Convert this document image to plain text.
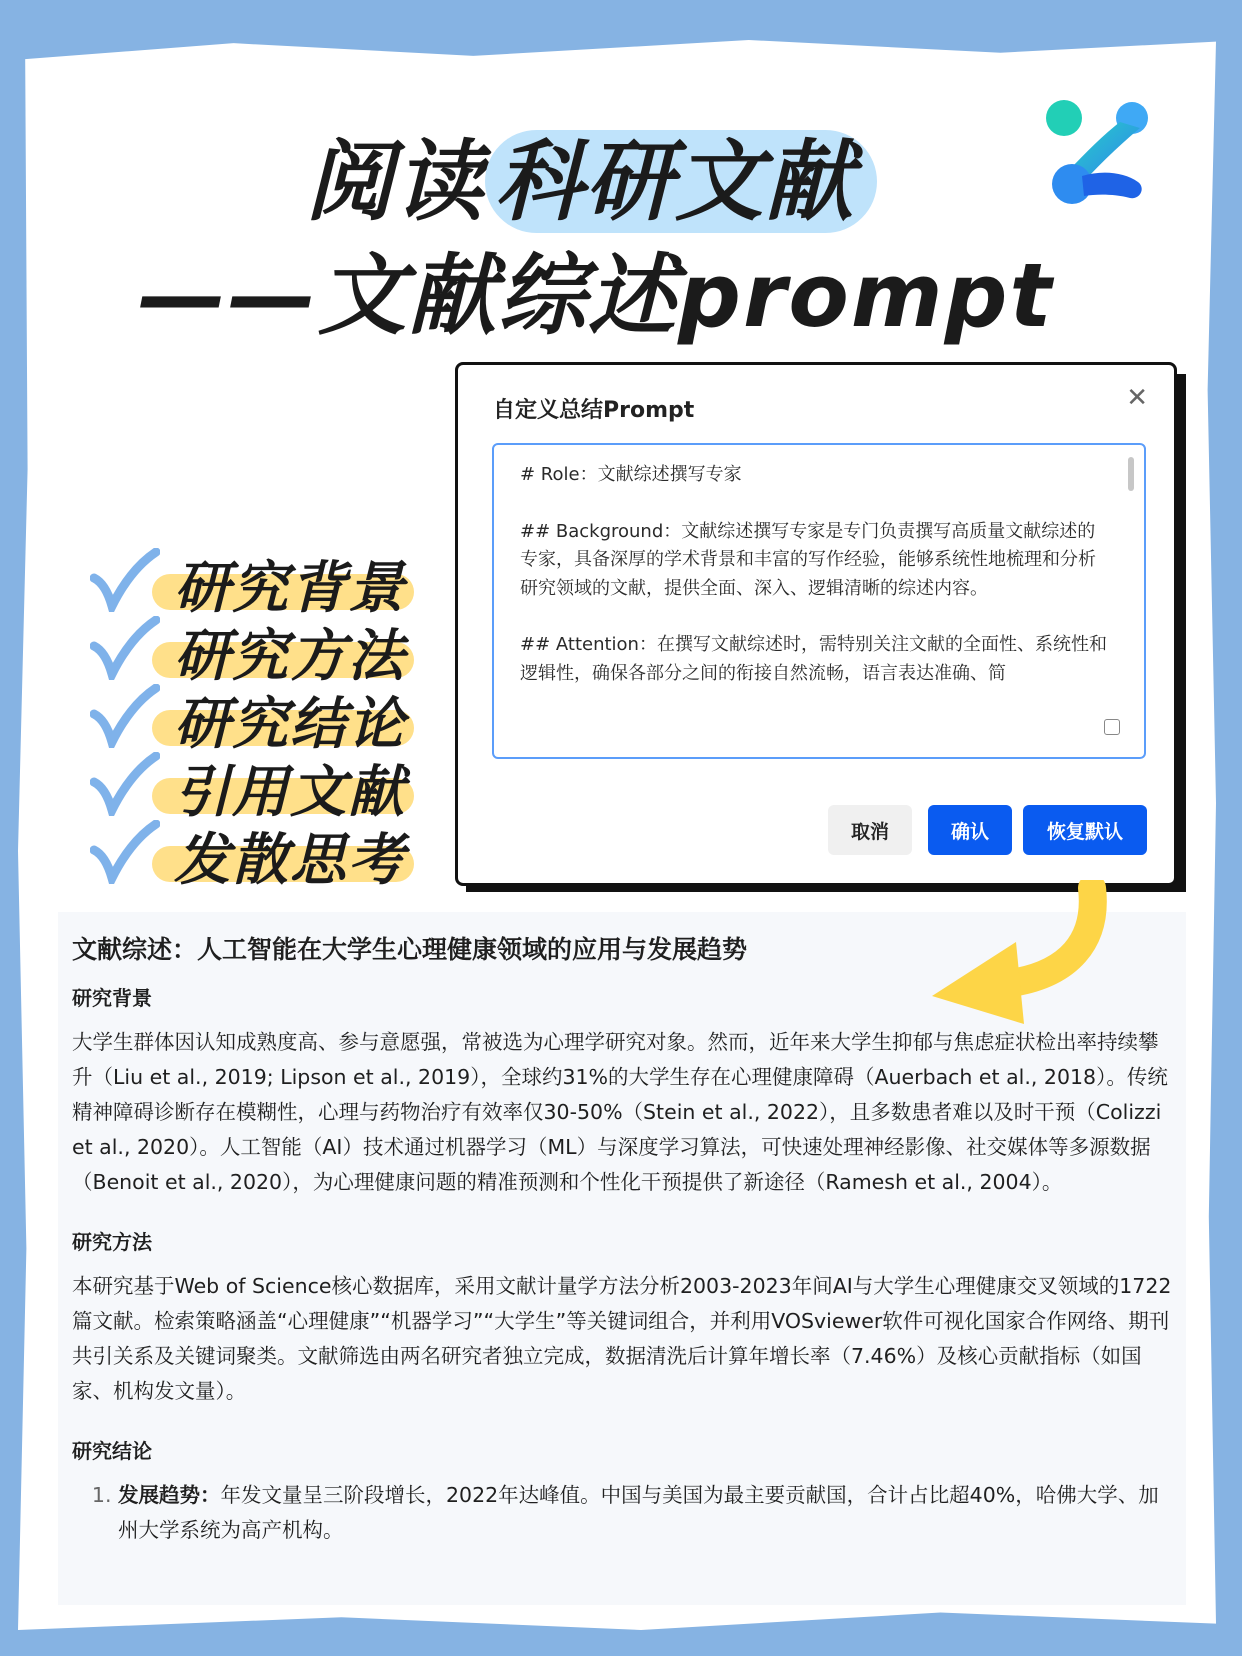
阅读 科研文献
——文献综述prompt
研究背景
研究方法
研究结论
引用文献
发散思考
自定义总结Prompt	✕

# Role：文献综述撰写专家

## Background：文献综述撰写专家是专门负责撰写高质量文献综述的专家，具备深厚的学术背景和丰富的写作经验，能够系统性地梳理和分析研究领域的文献，提供全面、深入、逻辑清晰的综述内容。

## Attention：在撰写文献综述时，需特别关注文献的全面性、系统性和逻辑性，确保各部分之间的衔接自然流畅，语言表达准确、简

取消	确认	恢复默认
文献综述：人工智能在大学生心理健康领域的应用与发展趋势
研究背景

大学生群体因认知成熟度高、参与意愿强，常被选为心理学研究对象。然而，近年来大学生抑郁与焦虑症状检出率持续攀升（Liu et al., 2019; Lipson et al., 2019），全球约31%的大学生存在心理健康障碍（Auerbach et al., 2018）。传统精神障碍诊断存在模糊性，心理与药物治疗有效率仅30-50%（Stein et al., 2022），且多数患者难以及时干预（Colizzi et al., 2020）。人工智能（AI）技术通过机器学习（ML）与深度学习算法，可快速处理神经影像、社交媒体等多源数据（Benoit et al., 2020），为心理健康问题的精准预测和个性化干预提供了新途径（Ramesh et al., 2004）。

研究方法

本研究基于Web of Science核心数据库，采用文献计量学方法分析2003-2023年间AI与大学生心理健康交叉领域的1722篇文献。检索策略涵盖“心理健康”“机器学习”“大学生”等关键词组合，并利用VOSviewer软件可视化国家合作网络、期刊共引关系及关键词聚类。文献筛选由两名研究者独立完成，数据清洗后计算年增长率（7.46%）及核心贡献指标（如国家、机构发文量）。

研究结论
1. 发展趋势：年发文量呈三阶段增长，2022年达峰值。中国与美国为最主要贡献国，合计占比超40%，哈佛大学、加州大学系统为高产机构。
